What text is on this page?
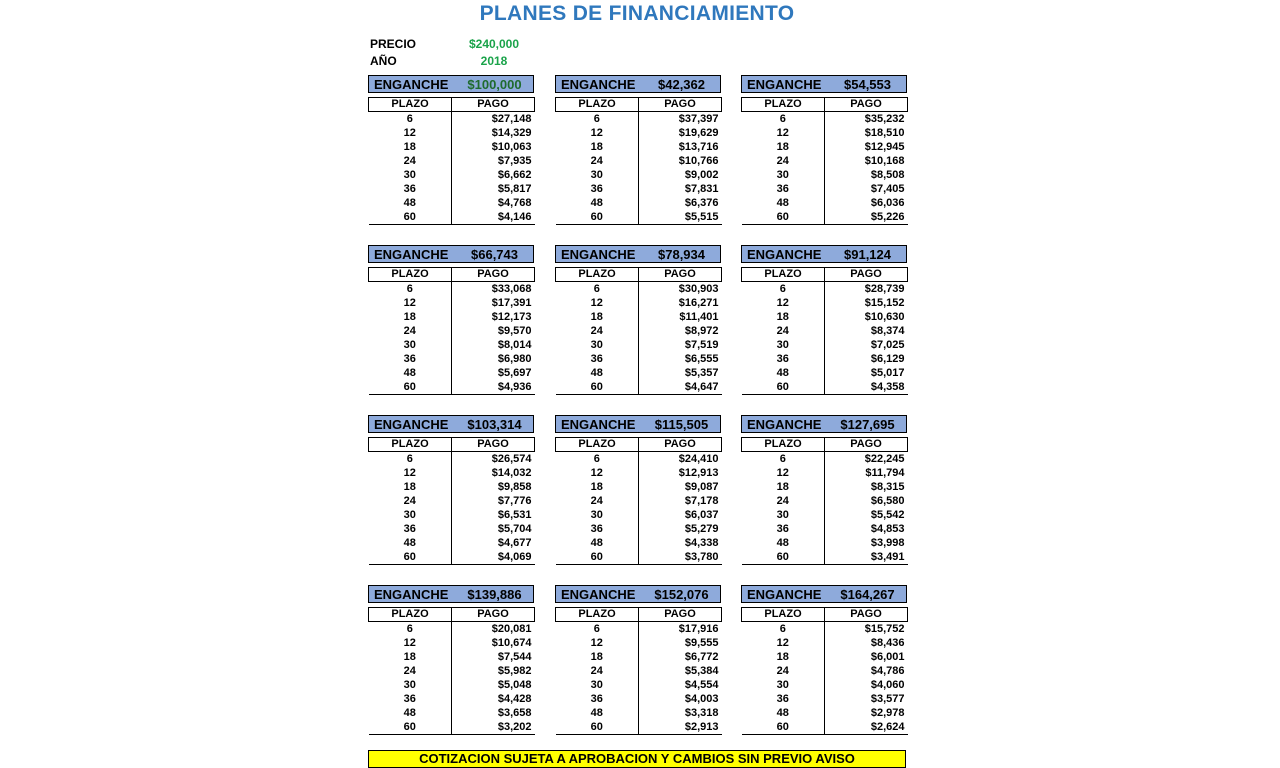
PLANES DE FINANCIAMIENTO
PRECIO	$240,000
AÑO	2018
ENGANCHE	$100,000
PLAZO	PAGO
6	$27,148
12	$14,329
18	$10,063
24	$7,935
30	$6,662
36	$5,817
48	$4,768
60	$4,146
ENGANCHE	$42,362
PLAZO	PAGO
6	$37,397
12	$19,629
18	$13,716
24	$10,766
30	$9,002
36	$7,831
48	$6,376
60	$5,515
ENGANCHE	$54,553
PLAZO	PAGO
6	$35,232
12	$18,510
18	$12,945
24	$10,168
30	$8,508
36	$7,405
48	$6,036
60	$5,226
ENGANCHE	$66,743
PLAZO	PAGO
6	$33,068
12	$17,391
18	$12,173
24	$9,570
30	$8,014
36	$6,980
48	$5,697
60	$4,936
ENGANCHE	$78,934
PLAZO	PAGO
6	$30,903
12	$16,271
18	$11,401
24	$8,972
30	$7,519
36	$6,555
48	$5,357
60	$4,647
ENGANCHE	$91,124
PLAZO	PAGO
6	$28,739
12	$15,152
18	$10,630
24	$8,374
30	$7,025
36	$6,129
48	$5,017
60	$4,358
ENGANCHE	$103,314
PLAZO	PAGO
6	$26,574
12	$14,032
18	$9,858
24	$7,776
30	$6,531
36	$5,704
48	$4,677
60	$4,069
ENGANCHE	$115,505
PLAZO	PAGO
6	$24,410
12	$12,913
18	$9,087
24	$7,178
30	$6,037
36	$5,279
48	$4,338
60	$3,780
ENGANCHE	$127,695
PLAZO	PAGO
6	$22,245
12	$11,794
18	$8,315
24	$6,580
30	$5,542
36	$4,853
48	$3,998
60	$3,491
ENGANCHE	$139,886
PLAZO	PAGO
6	$20,081
12	$10,674
18	$7,544
24	$5,982
30	$5,048
36	$4,428
48	$3,658
60	$3,202
ENGANCHE	$152,076
PLAZO	PAGO
6	$17,916
12	$9,555
18	$6,772
24	$5,384
30	$4,554
36	$4,003
48	$3,318
60	$2,913
ENGANCHE	$164,267
PLAZO	PAGO
6	$15,752
12	$8,436
18	$6,001
24	$4,786
30	$4,060
36	$3,577
48	$2,978
60	$2,624
COTIZACION SUJETA A APROBACION Y CAMBIOS SIN PREVIO AVISO
